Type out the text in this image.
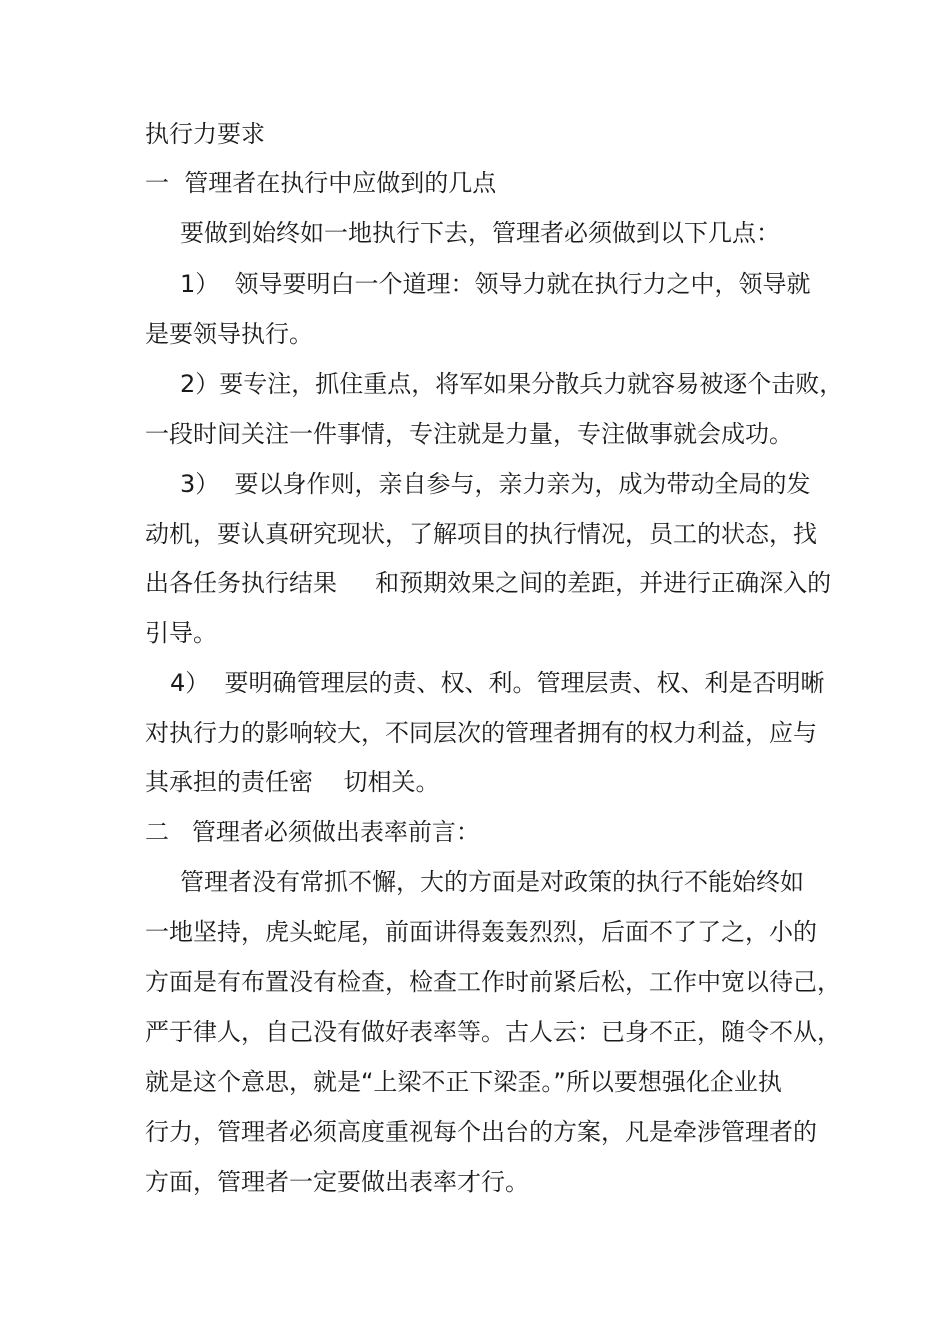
执行力要求
一  管理者在执行中应做到的几点
要做到始终如一地执行下去，管理者必须做到以下几点：
1）  领导要明白一个道理：领导力就在执行力之中，领导就
是要领导执行。
2）要专注，抓住重点，将军如果分散兵力就容易被逐个击败，
一段时间关注一件事情，专注就是力量，专注做事就会成功。
3）  要以身作则，亲自参与，亲力亲为，成为带动全局的发
动机，要认真研究现状，了解项目的执行情况，员工的状态，找
出各任务执行结果     和预期效果之间的差距，并进行正确深入的
引导。
4）  要明确管理层的责、权、利。管理层责、权、利是否明晰
对执行力的影响较大，不同层次的管理者拥有的权力利益，应与
其承担的责任密    切相关。
二   管理者必须做出表率前言：
管理者没有常抓不懈，大的方面是对政策的执行不能始终如
一地坚持，虎头蛇尾，前面讲得轰轰烈烈，后面不了了之，小的
方面是有布置没有检查，检查工作时前紧后松，工作中宽以待己，
严于律人，自己没有做好表率等。古人云：已身不正，随令不从，
就是这个意思，就是“上梁不正下梁歪。”所以要想强化企业执
行力，管理者必须高度重视每个出台的方案，凡是牵涉管理者的
方面，管理者一定要做出表率才行。
